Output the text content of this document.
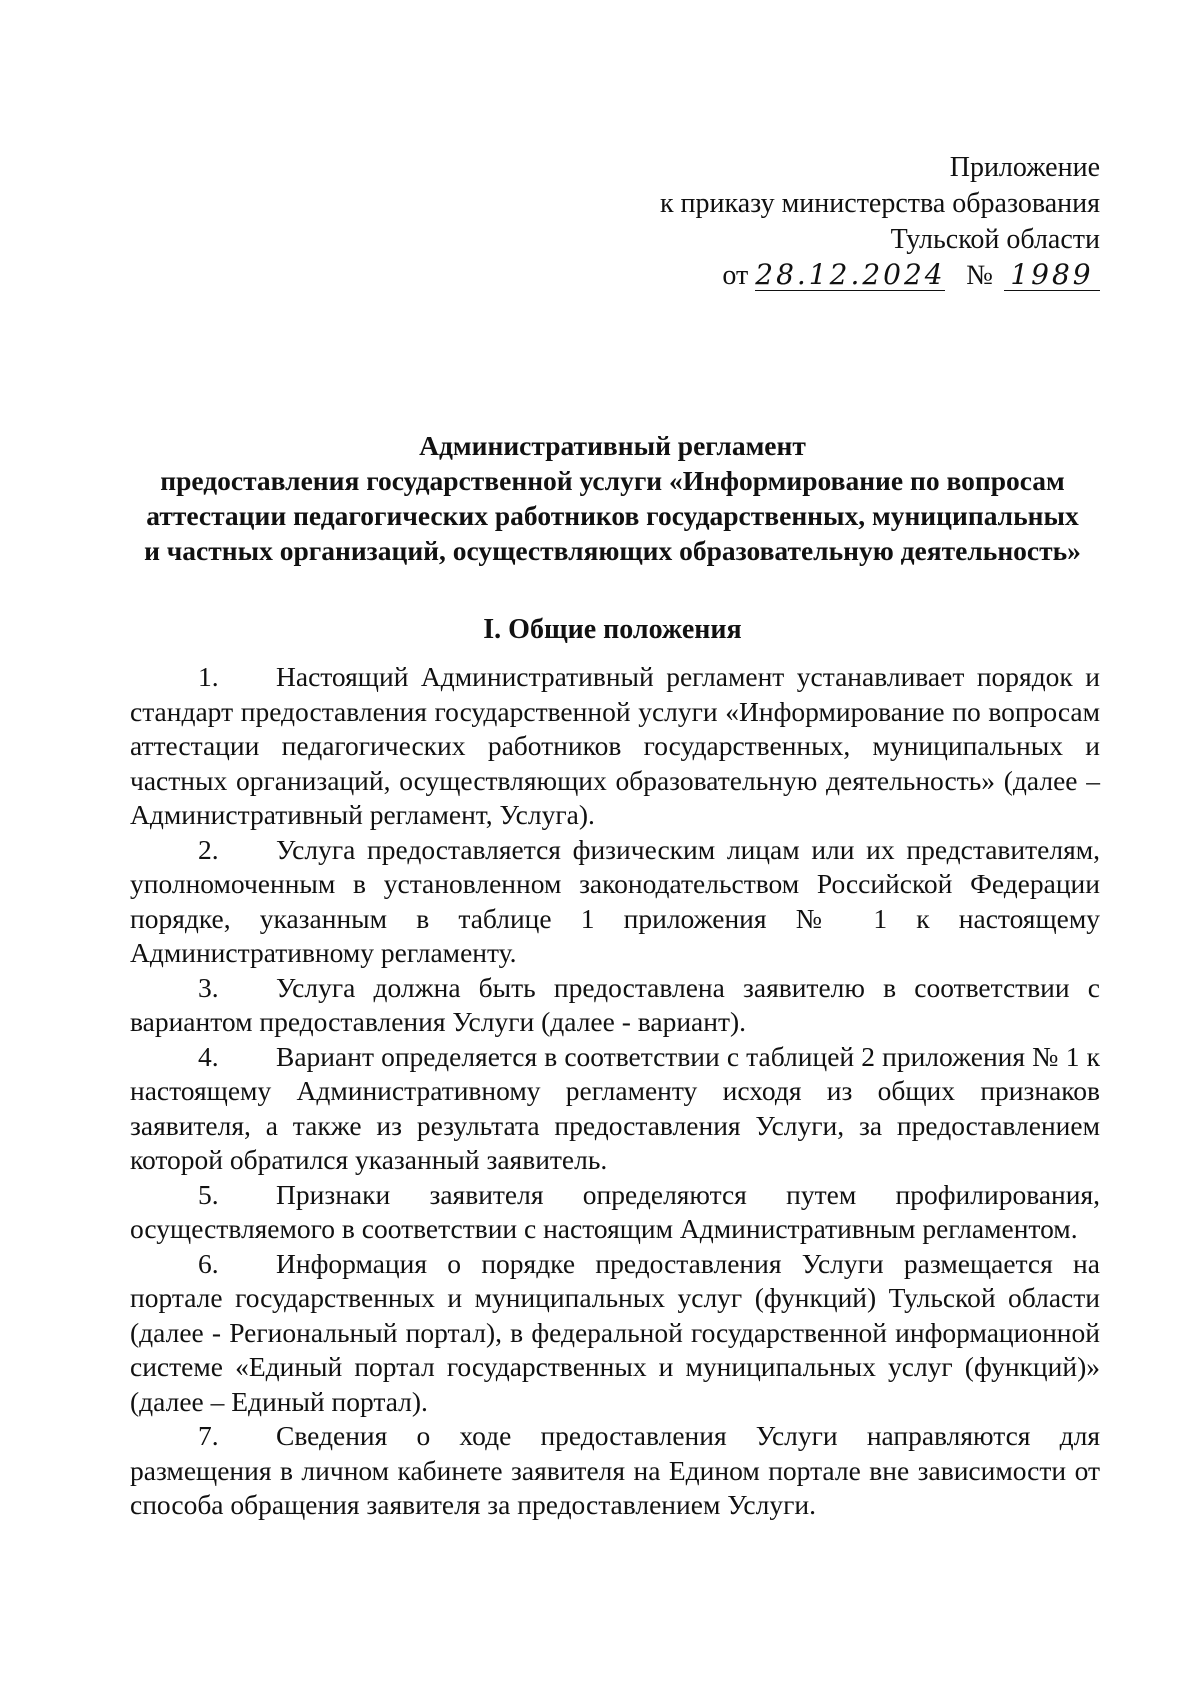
Приложение
к приказу министерства образования
Тульской области
от 28.12.2024 № 1989
Административный регламент
предоставления государственной услуги «Информирование по вопросам
аттестации педагогических работников государственных, муниципальных
и частных организаций, осуществляющих образовательную деятельность»
I. Общие положения

1. Настоящий Административный регламент устанавливает порядок и стандарт предоставления государственной услуги «Информирование по вопросам аттестации педагогических работников государственных, муниципальных и частных организаций, осуществляющих образовательную деятельность» (далее – Административный регламент, Услуга).

2. Услуга предоставляется физическим лицам или их представителям, уполномоченным в установленном законодательством Российской Федерации порядке, указанным в таблице 1 приложения № 1 к настоящему Административному регламенту.

3. Услуга должна быть предоставлена заявителю в соответствии с вариантом предоставления Услуги (далее - вариант).

4. Вариант определяется в соответствии с таблицей 2 приложения № 1 к настоящему Административному регламенту исходя из общих признаков заявителя, а также из результата предоставления Услуги, за предоставлением которой обратился указанный заявитель.

5. Признаки заявителя определяются путем профилирования, осуществляемого в соответствии с настоящим Административным регламентом.

6. Информация о порядке предоставления Услуги размещается на портале государственных и муниципальных услуг (функций) Тульской области (далее - Региональный портал), в федеральной государственной информационной системе «Единый портал государственных и муниципальных услуг (функций)» (далее – Единый портал).

7. Сведения о ходе предоставления Услуги направляются для размещения в личном кабинете заявителя на Едином портале вне зависимости от способа обращения заявителя за предоставлением Услуги.
